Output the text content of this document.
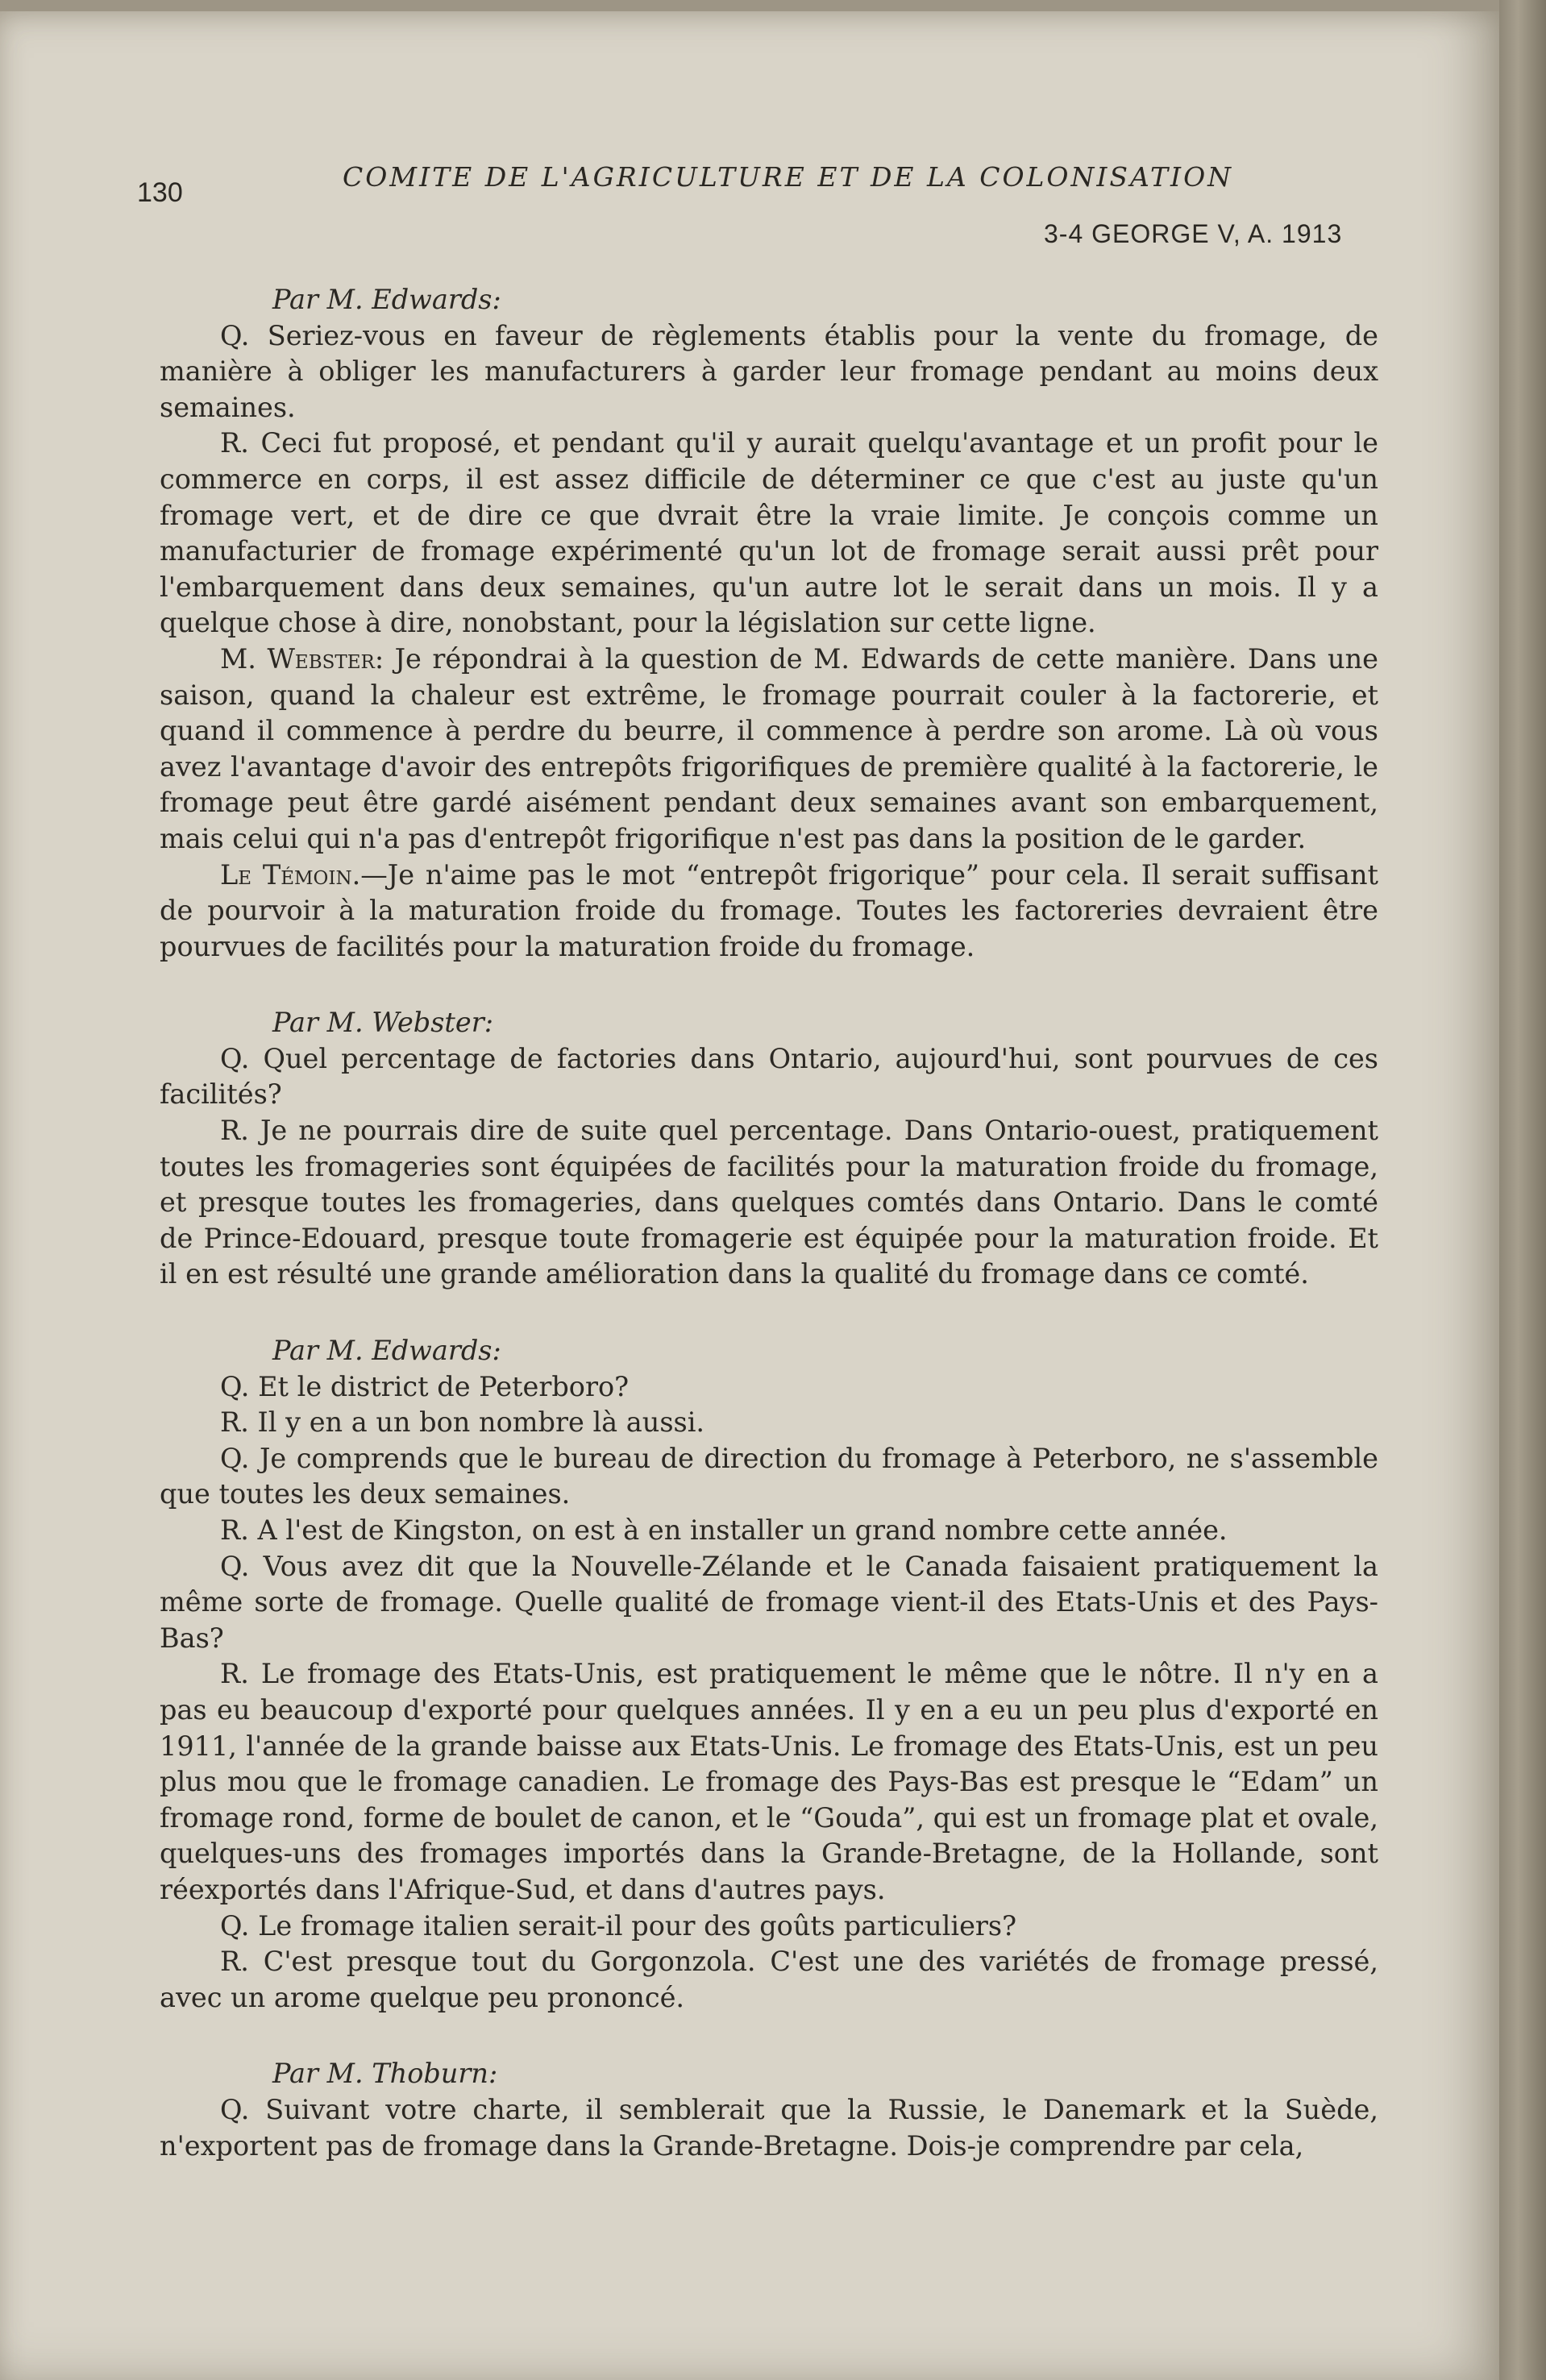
130	COMITE DE L'AGRICULTURE ET DE LA COLONISATION
3-4 GEORGE V, A. 1913

Par M. Edwards:

Q. Seriez-vous en faveur de règlements établis pour la vente du fromage, de manière à obliger les manufacturers à garder leur fromage pendant au moins deux semaines.

R. Ceci fut proposé, et pendant qu'il y aurait quelqu'avantage et un profit pour le commerce en corps, il est assez difficile de déterminer ce que c'est au juste qu'un fromage vert, et de dire ce que dvrait être la vraie limite. Je conçois comme un manufacturier de fromage expérimenté qu'un lot de fromage serait aussi prêt pour l'embarquement dans deux semaines, qu'un autre lot le serait dans un mois. Il y a quelque chose à dire, nonobstant, pour la législation sur cette ligne.

M. Webster: Je répondrai à la question de M. Edwards de cette manière. Dans une saison, quand la chaleur est extrême, le fromage pourrait couler à la factorerie, et quand il commence à perdre du beurre, il commence à perdre son arome. Là où vous avez l'avantage d'avoir des entrepôts frigorifiques de première qualité à la factorerie, le fromage peut être gardé aisément pendant deux semaines avant son embarquement, mais celui qui n'a pas d'entrepôt frigorifique n'est pas dans la position de le garder.

Le Témoin.—Je n'aime pas le mot “entrepôt frigorique” pour cela. Il serait suffisant de pourvoir à la maturation froide du fromage. Toutes les factoreries devraient être pourvues de facilités pour la maturation froide du fromage.

Par M. Webster:

Q. Quel percentage de factories dans Ontario, aujourd'hui, sont pourvues de ces facilités?

R. Je ne pourrais dire de suite quel percentage. Dans Ontario-ouest, pratiquement toutes les fromageries sont équipées de facilités pour la maturation froide du fromage, et presque toutes les fromageries, dans quelques comtés dans Ontario. Dans le comté de Prince-Edouard, presque toute fromagerie est équipée pour la maturation froide. Et il en est résulté une grande amélioration dans la qualité du fromage dans ce comté.

Par M. Edwards:

Q. Et le district de Peterboro?

R. Il y en a un bon nombre là aussi.

Q. Je comprends que le bureau de direction du fromage à Peterboro, ne s'assemble que toutes les deux semaines.

R. A l'est de Kingston, on est à en installer un grand nombre cette année.

Q. Vous avez dit que la Nouvelle-Zélande et le Canada faisaient pratiquement la même sorte de fromage. Quelle qualité de fromage vient-il des Etats-Unis et des Pays-Bas?

R. Le fromage des Etats-Unis, est pratiquement le même que le nôtre. Il n'y en a pas eu beaucoup d'exporté pour quelques années. Il y en a eu un peu plus d'exporté en 1911, l'année de la grande baisse aux Etats-Unis. Le fromage des Etats-Unis, est un peu plus mou que le fromage canadien. Le fromage des Pays-Bas est presque le “Edam” un fromage rond, forme de boulet de canon, et le “Gouda”, qui est un fromage plat et ovale, quelques-uns des fromages importés dans la Grande-Bretagne, de la Hollande, sont réexportés dans l'Afrique-Sud, et dans d'autres pays.

Q. Le fromage italien serait-il pour des goûts particuliers?

R. C'est presque tout du Gorgonzola. C'est une des variétés de fromage pressé, avec un arome quelque peu prononcé.

Par M. Thoburn:

Q. Suivant votre charte, il semblerait que la Russie, le Danemark et la Suède, n'exportent pas de fromage dans la Grande-Bretagne. Dois-je comprendre par cela,
